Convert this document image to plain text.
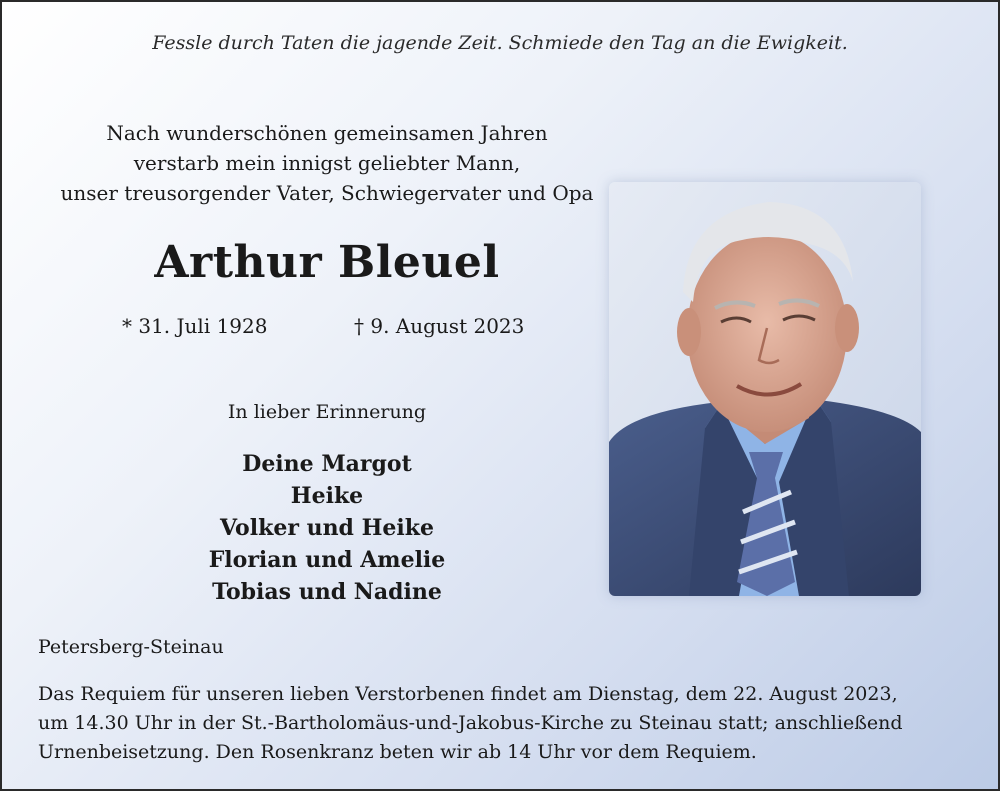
Fessle durch Taten die jagende Zeit. Schmiede den Tag an die Ewigkeit.
Nach wunderschönen gemeinsamen Jahren
verstarb mein innigst geliebter Mann,
unser treusorgender Vater, Schwiegervater und Opa
Arthur Bleuel
* 31. Juli 1928	† 9. August 2023
In lieber Erinnerung
Deine Margot
Heike
Volker und Heike
Florian und Amelie
Tobias und Nadine
Petersberg-Steinau
Das Requiem für unseren lieben Verstorbenen findet am Dienstag, dem 22. August 2023,
um 14.30 Uhr in der St.-Bartholomäus-und-Jakobus-Kirche zu Steinau statt; anschließend
Urnenbeisetzung. Den Rosenkranz beten wir ab 14 Uhr vor dem Requiem.
